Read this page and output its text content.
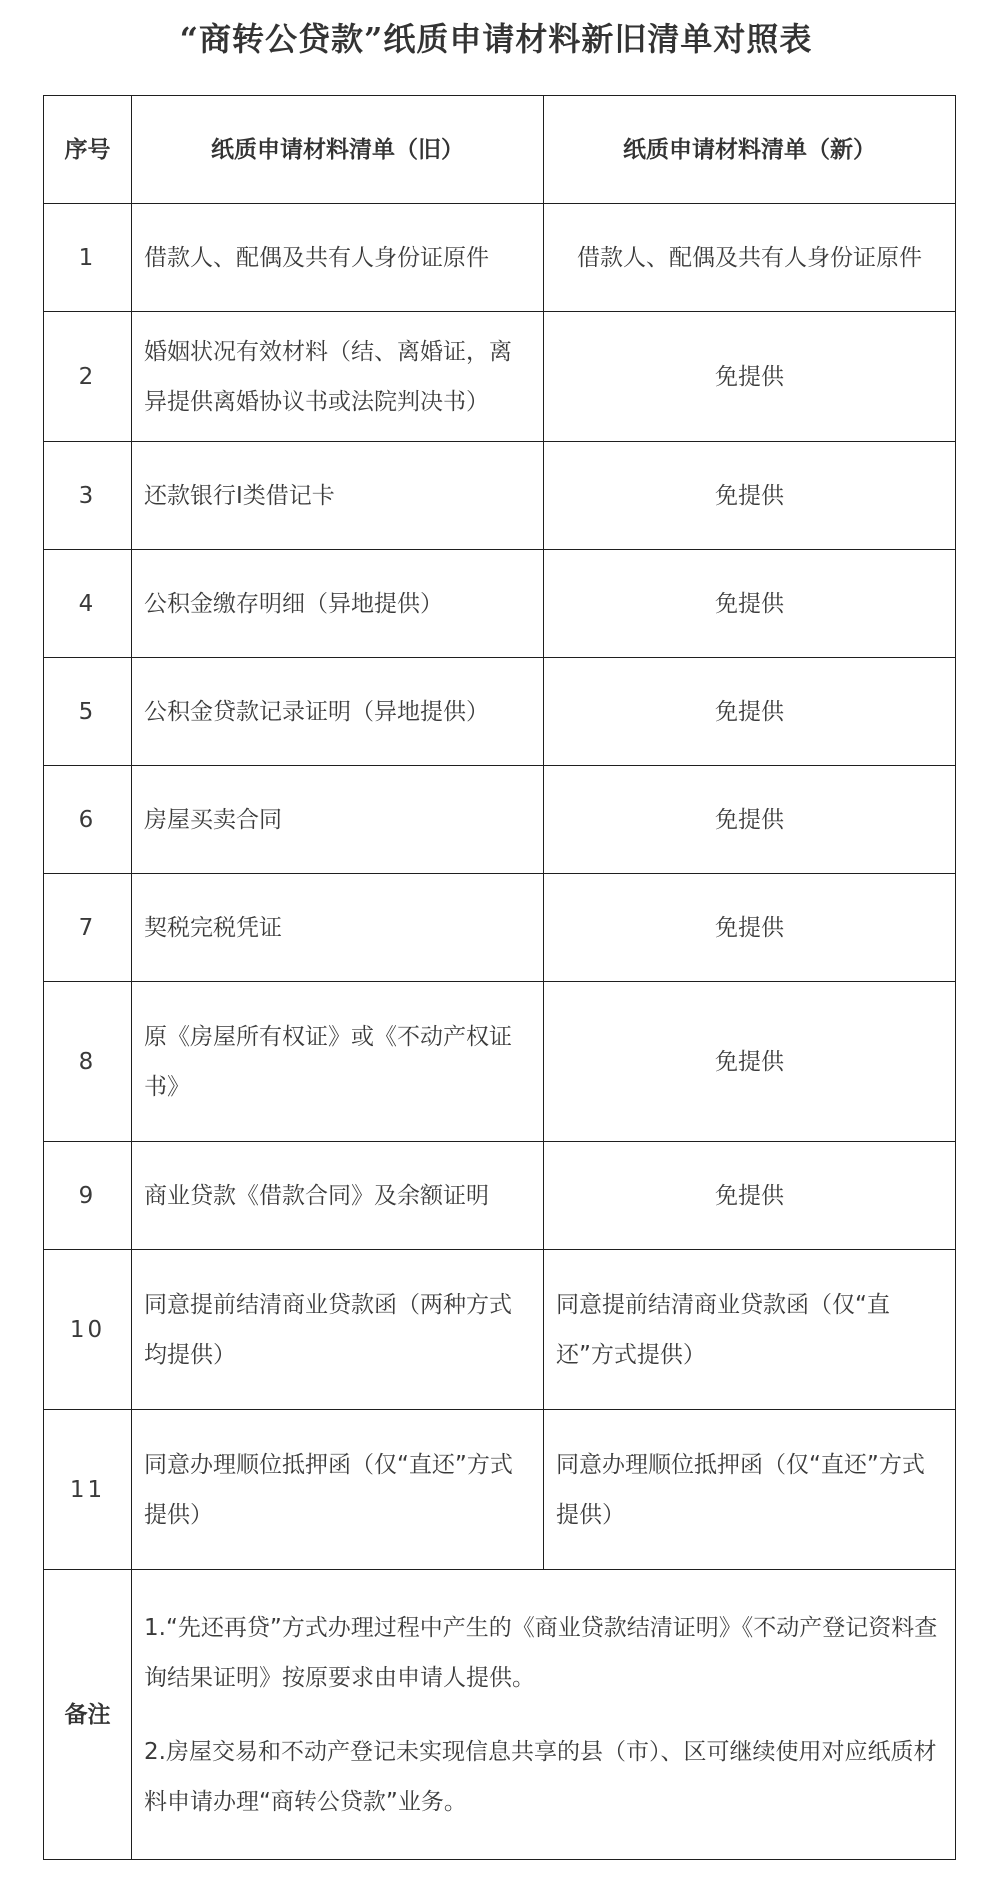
“商转公贷款”纸质申请材料新旧清单对照表
序号	纸质申请材料清单（旧）	纸质申请材料清单（新）
1	借款人、配偶及共有人身份证原件	借款人、配偶及共有人身份证原件
2	婚姻状况有效材料（结、离婚证，离异提供离婚协议书或法院判决书）	免提供
3	还款银行I类借记卡	免提供
4	公积金缴存明细（异地提供）	免提供
5	公积金贷款记录证明（异地提供）	免提供
6	房屋买卖合同	免提供
7	契税完税凭证	免提供
8	原《房屋所有权证》或《不动产权证书》	免提供
9	商业贷款《借款合同》及余额证明	免提供
10	同意提前结清商业贷款函（两种方式均提供）	同意提前结清商业贷款函（仅“直还”方式提供）
11	同意办理顺位抵押函（仅“直还”方式提供）	同意办理顺位抵押函（仅“直还”方式提供）
备注	1.“先还再贷”方式办理过程中产生的《商业贷款结清证明》《不动产登记资料查询结果证明》按原要求由申请人提供。

2.房屋交易和不动产登记未实现信息共享的县（市）、区可继续使用对应纸质材料申请办理“商转公贷款”业务。	
